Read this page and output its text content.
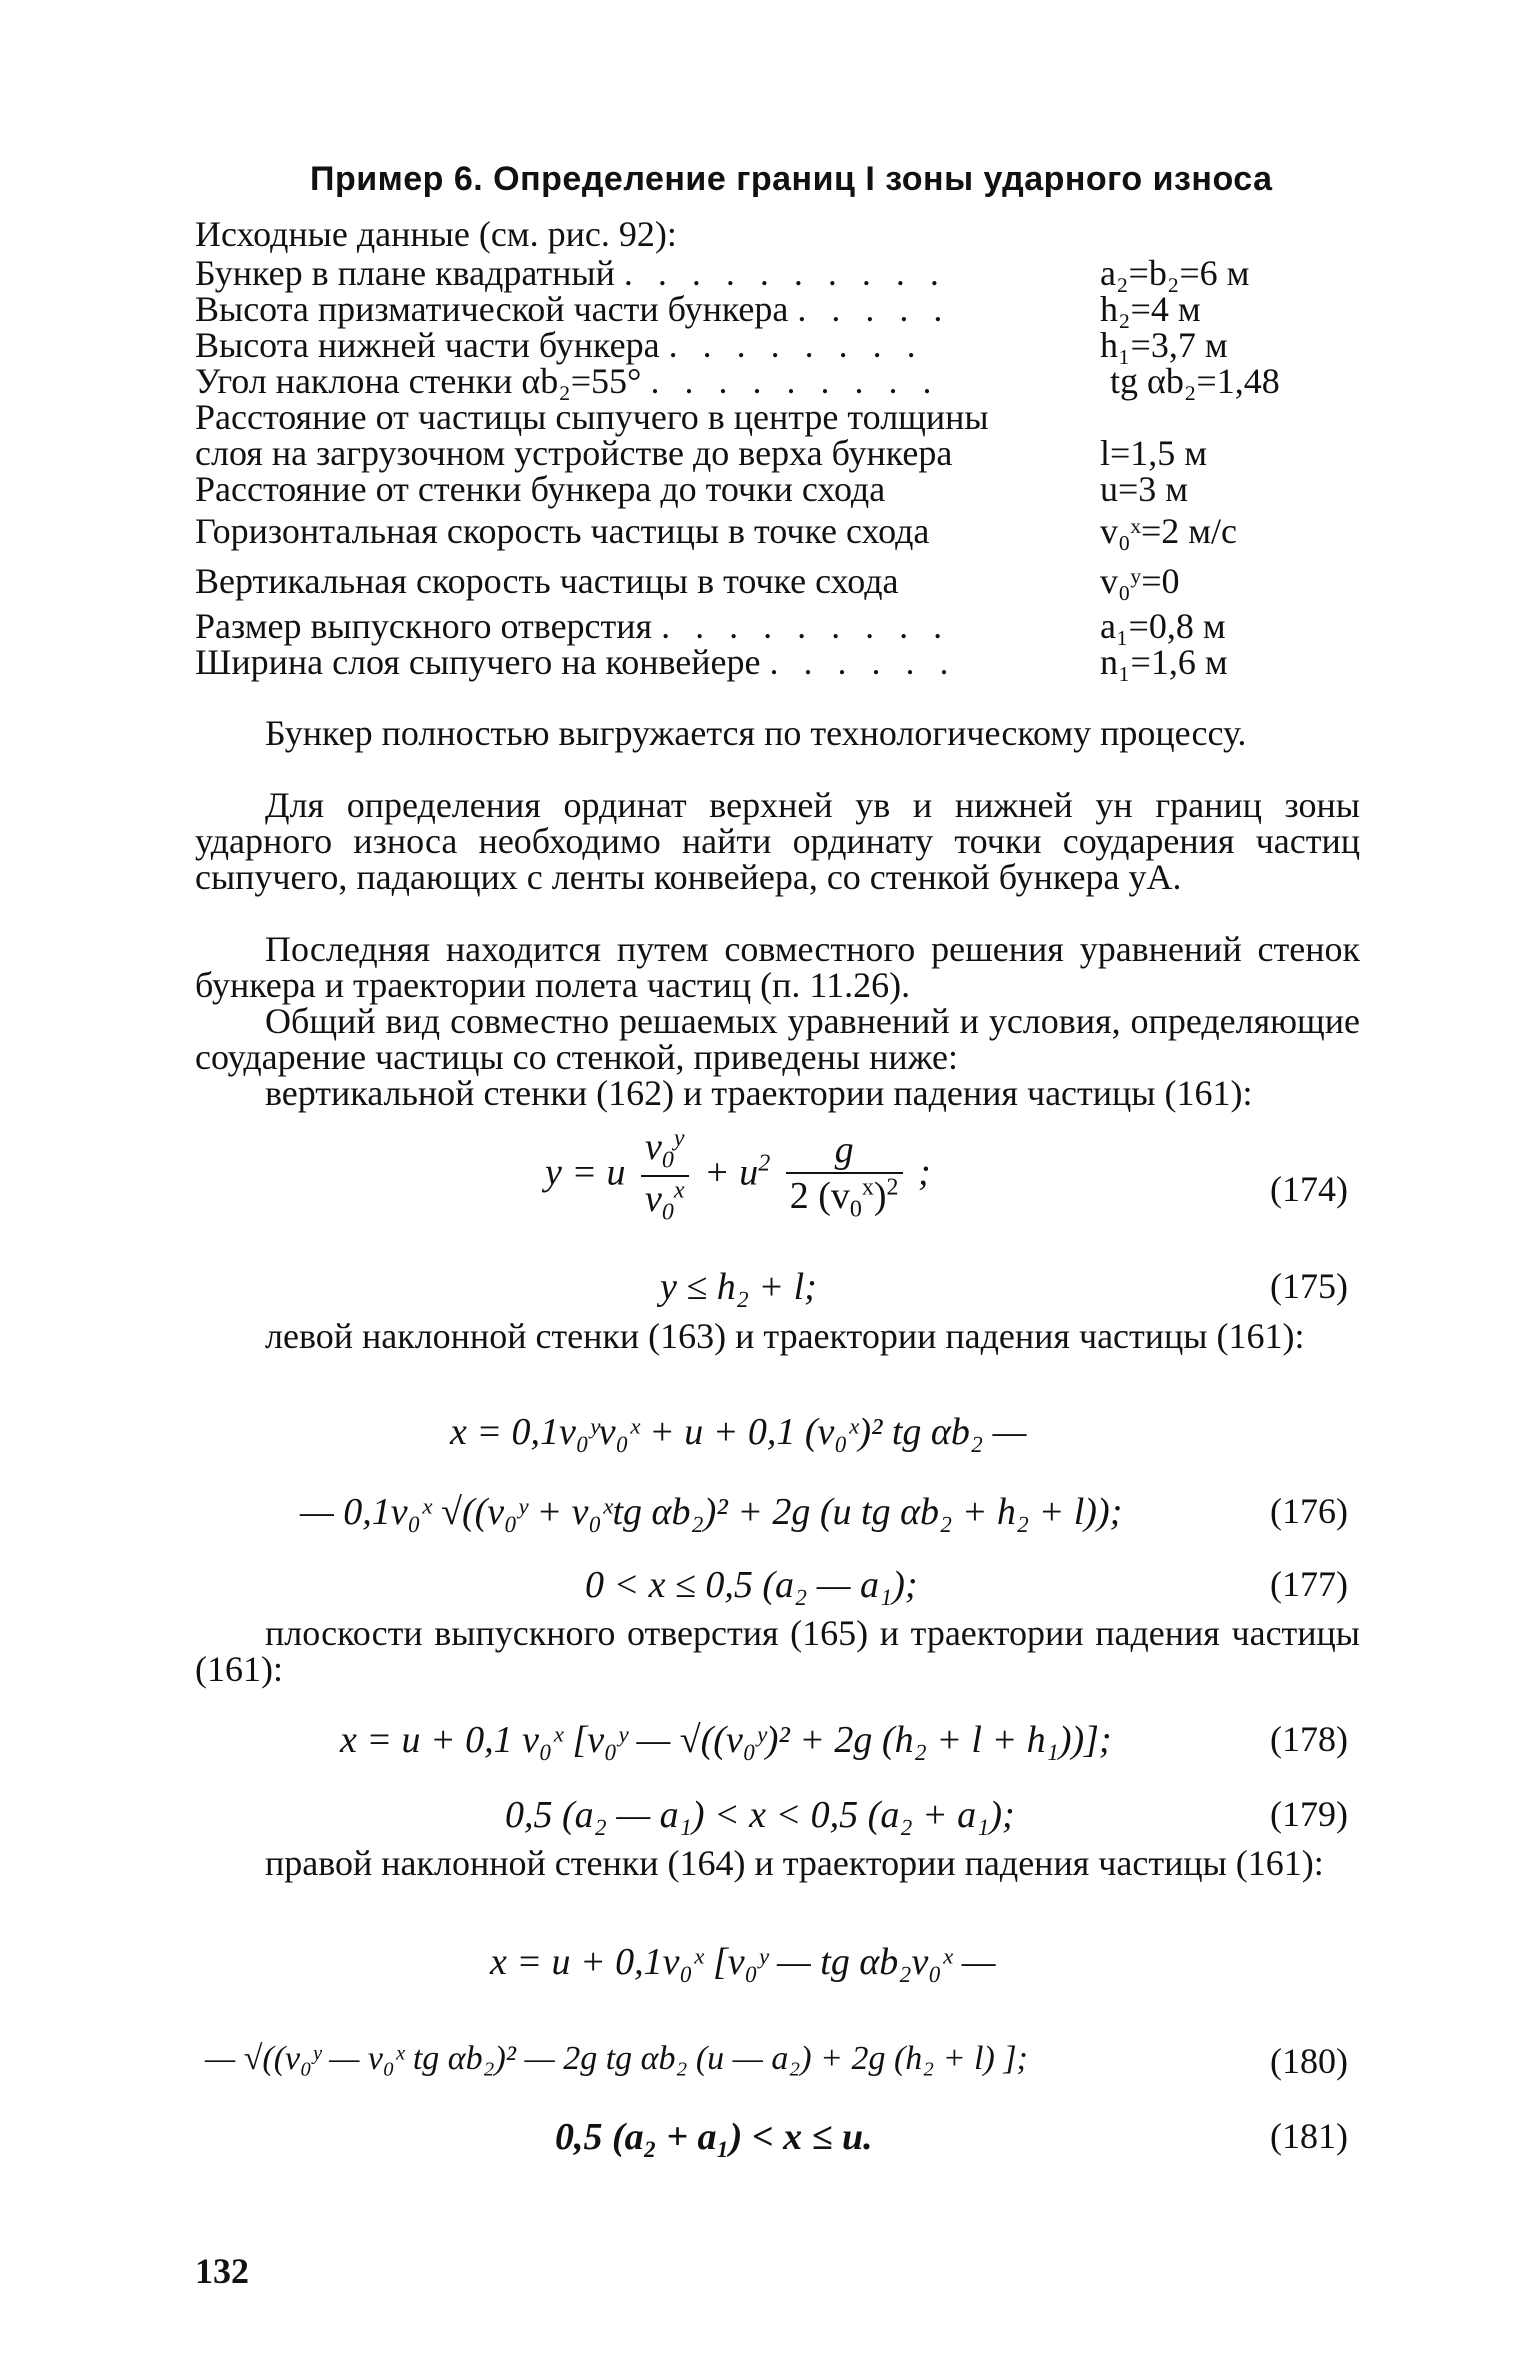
Пример 6. Определение границ I зоны ударного износа
Исходные данные (см. рис. 92):
Бункер в плане квадратный . . . . . . . . . .	a₂=b₂=6 м
Высота призматической части бункера . . . . .	h₂=4 м
Высота нижней части бункера . . . . . . . .	h₁=3,7 м
Угол наклона стенки αb₂=55° . . . . . . . . .	tg αb₂=1,48
Расстояние от частицы сыпучего в центре толщины
слоя на загрузочном устройстве до верха бункера	l=1,5 м
Расстояние от стенки бункера до точки схода	u=3 м
Горизонтальная скорость частицы в точке схода	v₀ˣ=2 м/с
Вертикальная скорость частицы в точке схода	v₀ʸ=0
Размер выпускного отверстия . . . . . . . . .	a₁=0,8 м
Ширина слоя сыпучего на конвейере . . . . . .	n₁=1,6 м
Бункер полностью выгружается по технологическому процессу.
Для определения ординат верхней yв и нижней yн границ зоны ударного износа необходимо найти ординату точки соударения частиц сыпучего, падающих с ленты конвейера, со стенкой бункера yA.
Последняя находится путем совместного решения уравнений стенок бункера и траектории полета частиц (п. 11.26).
Общий вид совместно решаемых уравнений и условия, определяющие соударение частицы со стенкой, приведены ниже:
вертикальной стенки (162) и траектории падения частицы (161):
y = u $\frac{v_0^y}{v_0^x} + u^2 \frac{g}{2 (v_0^x)^2}$ ;	(174)
y ≤ h₂ + l;	(175)
левой наклонной стенки (163) и траектории падения частицы (161):
x = 0,1v₀ʸv₀ˣ + u + 0,1 (v₀ˣ)² tg αb₂ —
— 0,1v₀ˣ √((v₀ʸ + v₀ˣtg αb₂)² + 2g (u tg αb₂ + h₂ + l));	(176)
0 < x ≤ 0,5 (a₂ — a₁);	(177)
плоскости выпускного отверстия (165) и траектории падения частицы (161):
x = u + 0,1 v₀ˣ [v₀ʸ — √((v₀ʸ)² + 2g (h₂ + l + h₁))];	(178)
0,5 (a₂ — a₁) < x < 0,5 (a₂ + a₁);	(179)
правой наклонной стенки (164) и траектории падения частицы (161):
x = u + 0,1v₀ˣ [v₀ʸ — tg αb₂v₀ˣ —
— √((v₀ʸ — v₀ˣ tg αb₂)² — 2g tg αb₂ (u — a₂) + 2g (h₂ + l) ];	(180)
0,5 (a₂ + a₁) < x ≤ u.	(181)
132
